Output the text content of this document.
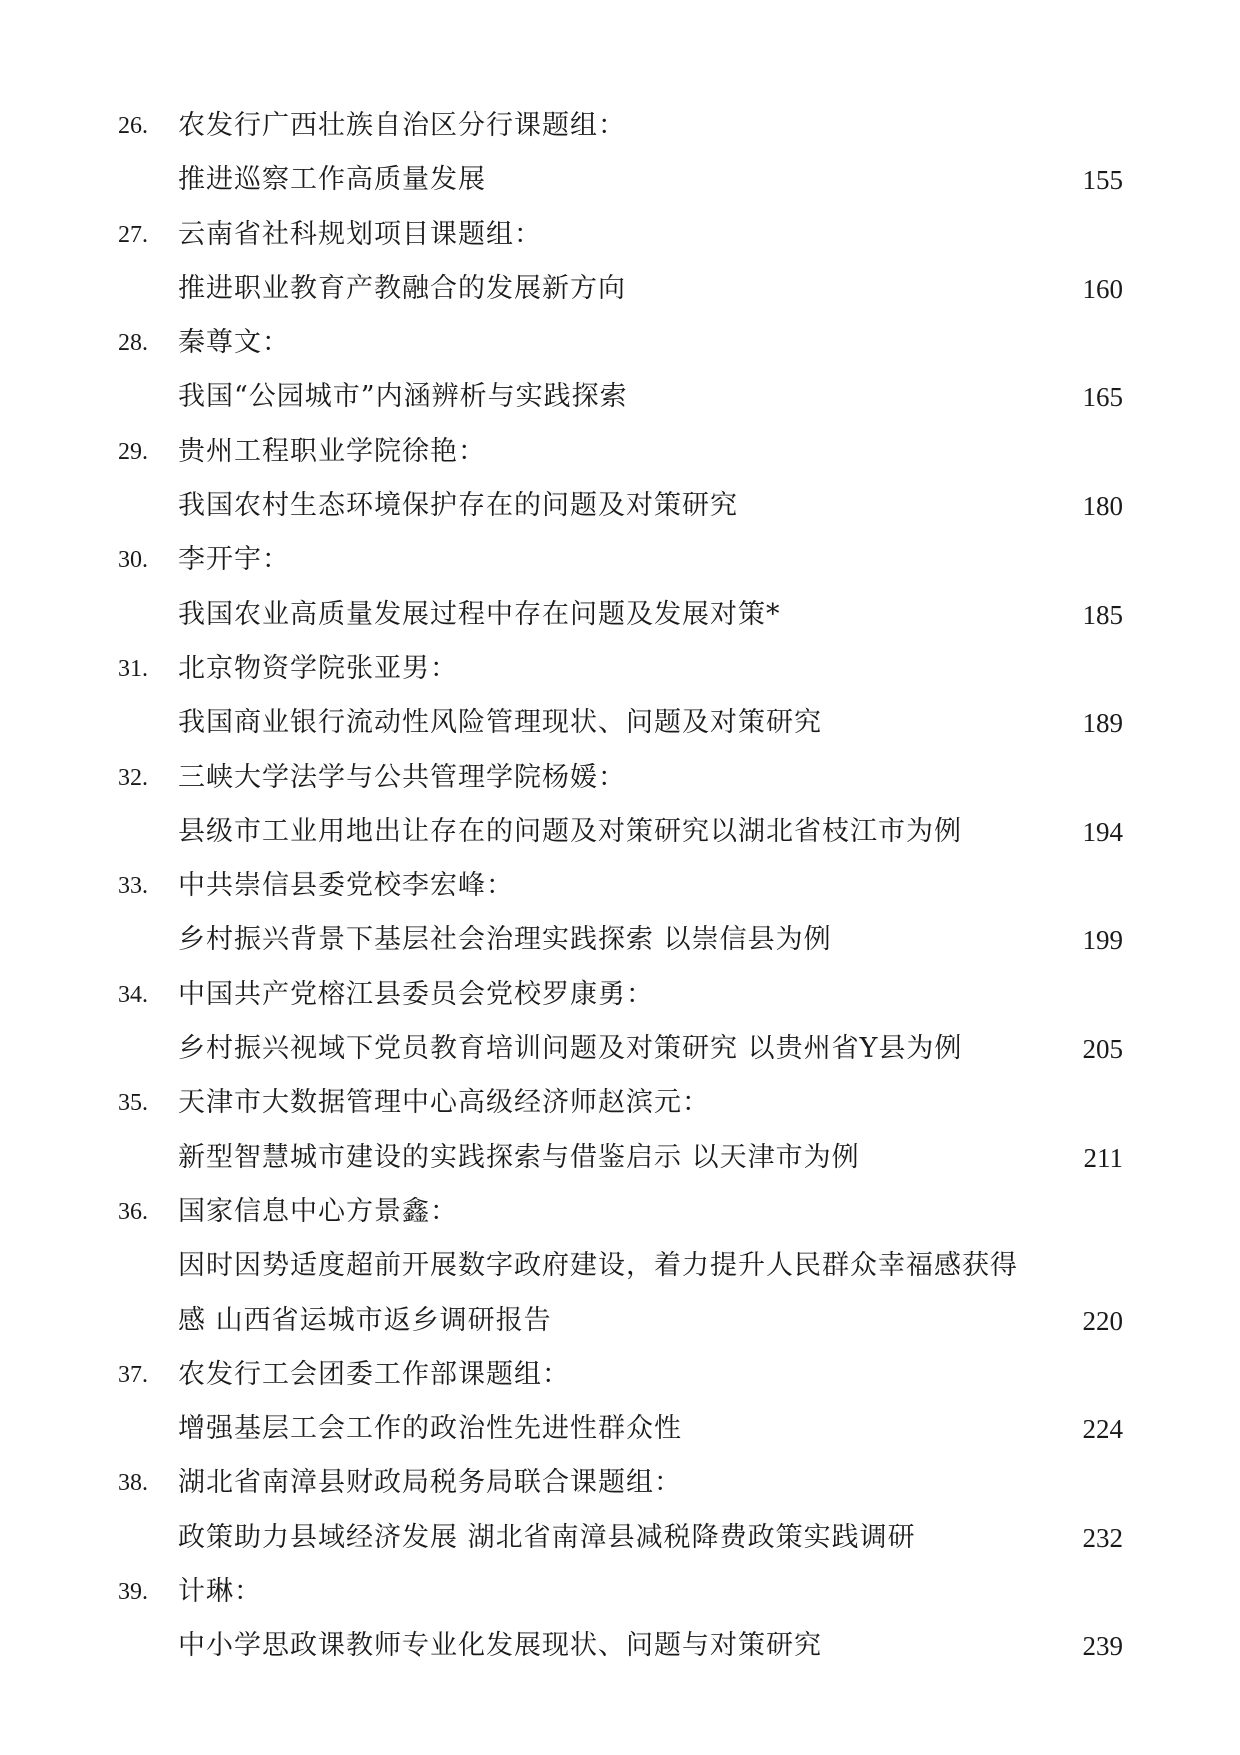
26.	农发行广西壮族自治区分行课题组：
推进巡察工作高质量发展	155
27.	云南省社科规划项目课题组：
推进职业教育产教融合的发展新方向	160
28.	秦尊文：
我国“公园城市”内涵辨析与实践探索	165
29.	贵州工程职业学院徐艳：
我国农村生态环境保护存在的问题及对策研究	180
30.	李开宇：
我国农业高质量发展过程中存在问题及发展对策*	185
31.	北京物资学院张亚男：
我国商业银行流动性风险管理现状、问题及对策研究	189
32.	三峡大学法学与公共管理学院杨媛：
县级市工业用地出让存在的问题及对策研究以湖北省枝江市为例	194
33.	中共崇信县委党校李宏峰：
乡村振兴背景下基层社会治理实践探索 以崇信县为例	199
34.	中国共产党榕江县委员会党校罗康勇：
乡村振兴视域下党员教育培训问题及对策研究 以贵州省Y县为例	205
35.	天津市大数据管理中心高级经济师赵滨元：
新型智慧城市建设的实践探索与借鉴启示 以天津市为例	211
36.	国家信息中心方景鑫：
因时因势适度超前开展数字政府建设，着力提升人民群众幸福感获得
感 山西省运城市返乡调研报告	220
37.	农发行工会团委工作部课题组：
增强基层工会工作的政治性先进性群众性	224
38.	湖北省南漳县财政局税务局联合课题组：
政策助力县域经济发展 湖北省南漳县减税降费政策实践调研	232
39.	计琳：
中小学思政课教师专业化发展现状、问题与对策研究	239
